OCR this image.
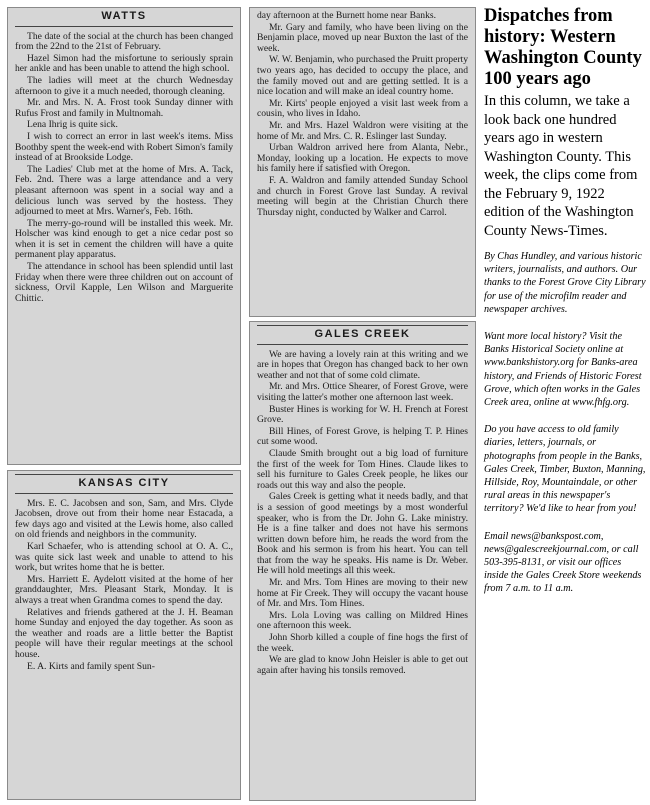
WATTS

The date of the social at the church has been changed from the 22nd to the 21st of February.

Hazel Simon had the misfortune to seriously sprain her ankle and has been unable to attend the high school.

The ladies will meet at the church Wednesday afternoon to give it a much needed, thorough cleaning.

Mr. and Mrs. N. A. Frost took Sunday dinner with Rufus Frost and family in Multnomah.

Lena Ihrig is quite sick.

I wish to correct an error in last week's items. Miss Boothby spent the week-end with Robert Simon's family instead of at Brookside Lodge.

The Ladies' Club met at the home of Mrs. A. Tack, Feb. 2nd. There was a large attendance and a very pleasant afternoon was spent in a social way and a delicious lunch was served by the hostess. They adjourned to meet at Mrs. Warner's, Feb. 16th.

The merry-go-round will be installed this week. Mr. Holscher was kind enough to get a nice cedar post so when it is set in cement the children will have a quite permanent play apparatus.

The attendance in school has been splendid until last Friday when there were three children out on account of sickness, Orvil Kapple, Len Wilson and Marguerite Chittic.

KANSAS CITY

Mrs. E. C. Jacobsen and son, Sam, and Mrs. Clyde Jacobsen, drove out from their home near Estacada, a few days ago and visited at the Lewis home, also called on old friends and neighbors in the community.

Karl Schaefer, who is attending school at O. A. C., was quite sick last week and unable to attend to his work, but writes home that he is better.

Mrs. Harriett E. Aydelott visited at the home of her granddaughter, Mrs. Pleasant Stark, Monday. It is always a treat when Grandma comes to spend the day.

Relatives and friends gathered at the J. H. Beaman home Sunday and enjoyed the day together. As soon as the weather and roads are a little better the Baptist people will have their regular meetings at the school house.

E. A. Kirts and family spent Sun-

day afternoon at the Burnett home near Banks.

Mr. Gary and family, who have been living on the Benjamin place, moved up near Buxton the last of the week.

W. W. Benjamin, who purchased the Pruitt property two years ago, has decided to occupy the place, and the family moved out and are getting settled. It is a nice location and will make an ideal country home.

Mr. Kirts' people enjoyed a visit last week from a cousin, who lives in Idaho.

Mr. and Mrs. Hazel Waldron were visiting at the home of Mr. and Mrs. C. R. Eslinger last Sunday.

Urban Waldron arrived here from Alanta, Nebr., Monday, looking up a location. He expects to move his family here if satisfied with Oregon.

F. A. Waldron and family attended Sunday School and church in Forest Grove last Sunday. A revival meeting will begin at the Christian Church there Thursday night, conducted by Walker and Carrol.

GALES CREEK

We are having a lovely rain at this writing and we are in hopes that Oregon has changed back to her own weather and not that of some cold climate.

Mr. and Mrs. Ottice Shearer, of Forest Grove, were visiting the latter's mother one afternoon last week.

Buster Hines is working for W. H. French at Forest Grove.

Bill Hines, of Forest Grove, is helping T. P. Hines cut some wood.

Claude Smith brought out a big load of furniture the first of the week for Tom Hines. Claude likes to sell his furniture to Gales Creek people, he likes our roads out this way and also the people.

Gales Creek is getting what it needs badly, and that is a session of good meetings by a most wonderful speaker, who is from the Dr. John G. Lake ministry. He is a fine talker and does not have his sermons written down before him, he reads the word from the Book and his sermon is from his heart. You can tell that from the way he speaks. His name is Dr. Weber. He will hold meetings all this week.

Mr. and Mrs. Tom Hines are moving to their new home at Fir Creek. They will occupy the vacant house of Mr. and Mrs. Tom Hines.

Mrs. Lola Loving was calling on Mildred Hines one afternoon this week.

John Shorb killed a couple of fine hogs the first of the week.

We are glad to know John Heisler is able to get out again after having his tonsils removed.

Dispatches from history: Western Washington County 100 years ago
In this column, we take a look back one hundred years ago in western Washington County. This week, the clips come from the February 9, 1922 edition of the Washington County News-Times.
By Chas Hundley, and various historic writers, journalists, and authors. Our thanks to the Forest Grove City Library for use of the microfilm reader and newspaper archives.
Want more local history? Visit the Banks Historical Society online at www.bankshistory.org for Banks-area history, and Friends of Historic Forest Grove, which often works in the Gales Creek area, online at www.fhfg.org.
Do you have access to old family diaries, letters, journals, or photographs from people in the Banks, Gales Creek, Timber, Buxton, Manning, Hillside, Roy, Mountaindale, or other rural areas in this newspaper's territory? We'd like to hear from you!
Email news@bankspost.com, news@galescreekjournal.com, or call 503-395-8131, or visit our offices inside the Gales Creek Store weekends from 7 a.m. to 11 a.m.
